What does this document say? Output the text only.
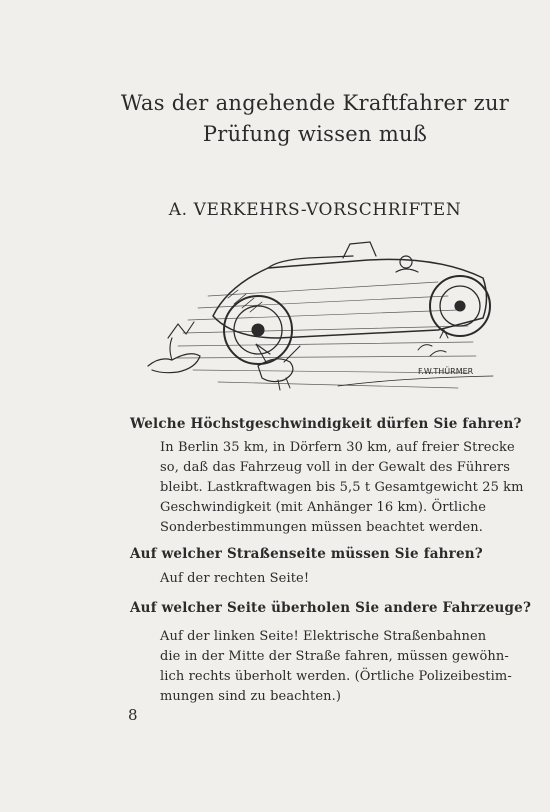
Was der angehende Kraftfahrer zur
Prüfung wissen muß
A. VERKEHRS-VORSCHRIFTEN
F.W.THÜRMER
Welche Höchstgeschwindigkeit dürfen Sie fahren?
In Berlin 35 km, in Dörfern 30 km, auf freier Strecke
so, daß das Fahrzeug voll in der Gewalt des Führers
bleibt. Lastkraftwagen bis 5,5 t Gesamtgewicht 25 km
Geschwindigkeit (mit Anhänger 16 km). Örtliche
Sonderbestimmungen müssen beachtet werden.
Auf welcher Straßenseite müssen Sie fahren?
Auf der rechten Seite!
Auf welcher Seite überholen Sie andere Fahrzeuge?
Auf der linken Seite! Elektrische Straßenbahnen
die in der Mitte der Straße fahren, müssen gewöhn-
lich rechts überholt werden. (Örtliche Polizeibestim-
mungen sind zu beachten.)
8
